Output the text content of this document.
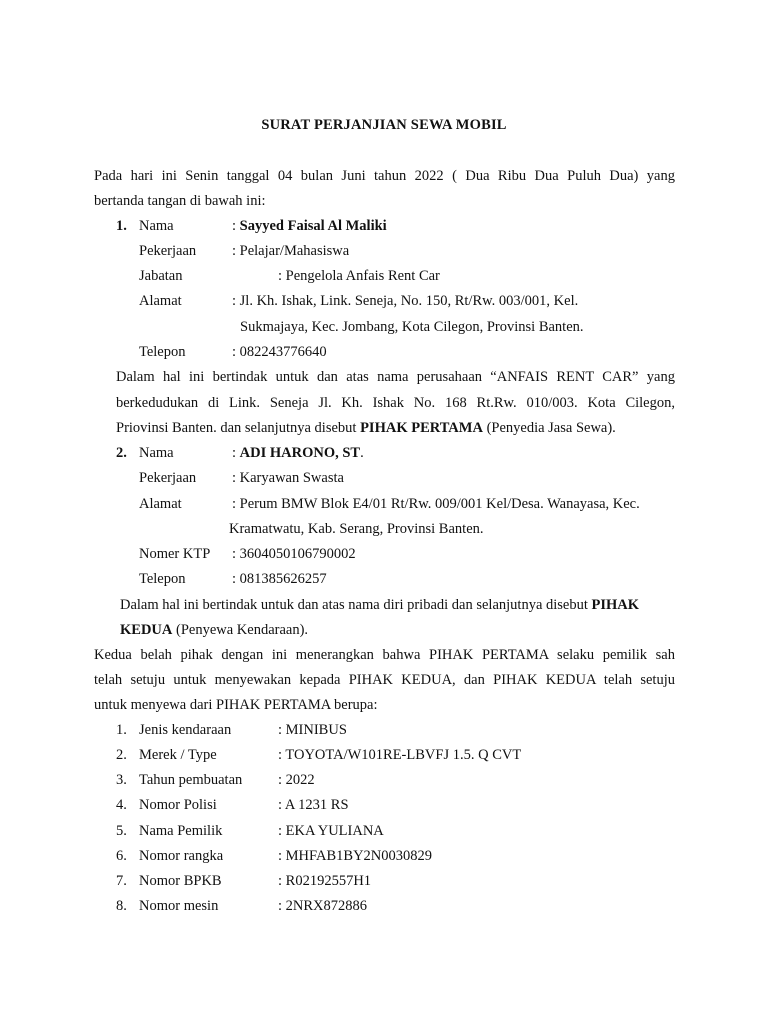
SURAT PERJANJIAN SEWA MOBIL
Pada hari ini Senin tanggal 04 bulan Juni tahun 2022 ( Dua Ribu Dua Puluh Dua) yang
bertanda tangan di bawah ini:
1. Nama	: Sayyed Faisal Al Maliki
Pekerjaan : Pelajar/Mahasiswa
Jabatan	: Pengelola Anfais Rent Car
Alamat	: Jl. Kh. Ishak, Link. Seneja, No. 150, Rt/Rw. 003/001, Kel.
Sukmajaya, Kec. Jombang, Kota Cilegon, Provinsi Banten.
Telepon	: 082243776640
Dalam hal ini bertindak untuk dan atas nama perusahaan “ANFAIS RENT CAR” yang
berkedudukan di Link. Seneja Jl. Kh. Ishak No. 168 Rt.Rw. 010/003. Kota Cilegon,
Priovinsi Banten. dan selanjutnya disebut PIHAK PERTAMA (Penyedia Jasa Sewa).
2. Nama	: ADI HARONO, ST.
Pekerjaan : Karyawan Swasta
Alamat	: Perum BMW Blok E4/01 Rt/Rw. 009/001 Kel/Desa. Wanayasa, Kec.
Kramatwatu, Kab. Serang, Provinsi Banten.
Nomer KTP : 3604050106790002
Telepon	: 081385626257
Dalam hal ini bertindak untuk dan atas nama diri pribadi dan selanjutnya disebut PIHAK
KEDUA (Penyewa Kendaraan).
Kedua belah pihak dengan ini menerangkan bahwa PIHAK PERTAMA selaku pemilik sah
telah setuju untuk menyewakan kepada PIHAK KEDUA, dan PIHAK KEDUA telah setuju
untuk menyewa dari PIHAK PERTAMA berupa:
1. Jenis kendaraan	: MINIBUS
2. Merek / Type	: TOYOTA/W101RE-LBVFJ 1.5. Q CVT
3. Tahun pembuatan : 2022
4. Nomor Polisi	: A 1231 RS
5. Nama Pemilik	: EKA YULIANA
6. Nomor rangka	: MHFAB1BY2N0030829
7. Nomor BPKB	: R02192557H1
8. Nomor mesin	: 2NRX872886
